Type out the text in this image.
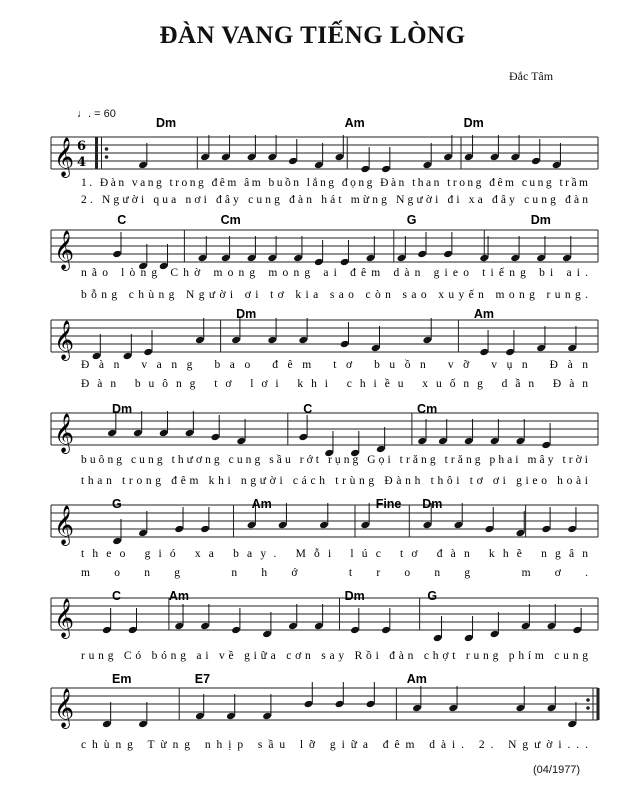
ĐÀN VANG TIẾNG LÒNG
Đắc Tâm
♩. = 60
𝄞 6
4
Dm	Am	Dm
1. Đàn vang trong đêm âm buồn lắng đọng Đàn than trong đêm cung trầm
2. Người qua nơi đây cung đàn hát mừng Người đi xa đây cung đàn
𝄞
C	Cm	G	Dm
não lòng Chờ mong mong ai đêm dàn gieo tiếng bi ai.
bỗng chùng Người ơi tơ kia sao còn sao xuyến mong rung.
𝄞
Dm	Am
Đàn vang bao đêm tơ buồn vỡ vụn Đàn
Đàn buông tơ lơi khi chiều xuống dần Đàn
𝄞
Dm	C	Cm
buông cung thương cung sầu rớt rụng Gọi trăng trăng phai mây trời
than trong đêm khi người cách trùng Đành thôi tơ ơi gieo hoài
𝄞
G	Am	Fine Dm
theo gió xa bay. Mỗi lúc tơ đàn khẽ ngân
mong nhớ trong mơ.
𝄞
C	Am	Dm	G
rung Có bóng ai về giữa cơn say Rồi đàn chợt rung phím cung
𝄞
Em	E7	Am
chùng Từng nhịp sầu lỡ giữa đêm dài. 2. Người...
(04/1977)
